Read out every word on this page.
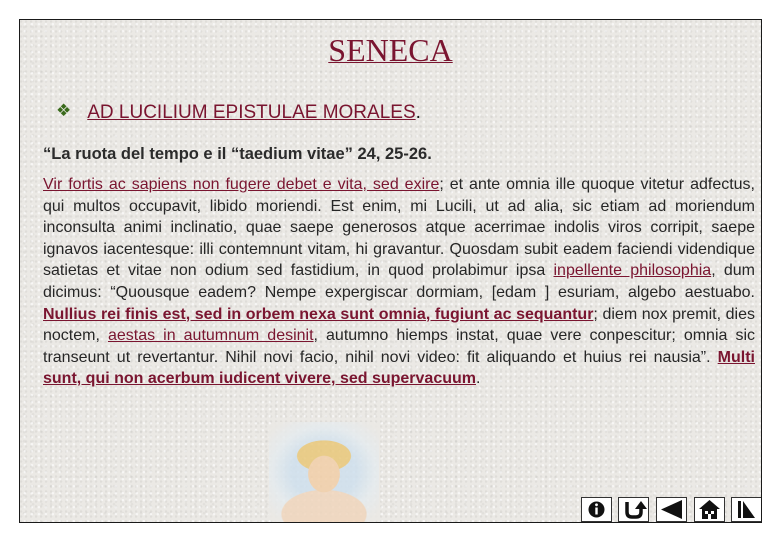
SENECA
❖ AD LUCILIUM EPISTULAE MORALES.
“La ruota del tempo e il “taedium vitae” 24, 25-26.
Vir fortis ac sapiens non fugere debet e vita, sed exire; et ante omnia ille quoque vitetur adfectus, qui multos occupavit, libido moriendi. Est enim, mi Lucili, ut ad alia, sic etiam ad moriendum inconsulta animi inclinatio, quae saepe generosos atque acerrimae indolis viros corripit, saepe ignavos iacentesque: illi contemnunt vitam, hi gravantur. Quosdam subit eadem faciendi videndique satietas et vitae non odium sed fastidium, in quod prolabimur ipsa inpellente philosophia, dum dicimus: “Quousque eadem? Nempe expergiscar dormiam, [edam ] esuriam, algebo aestuabo. Nullius rei finis est, sed in orbem nexa sunt omnia, fugiunt ac sequantur; diem nox premit, dies noctem, aestas in autumnum desinit, autumno hiemps instat, quae vere conpescitur; omnia sic transeunt ut revertantur. Nihil novi facio, nihil novi video: fit aliquando et huius rei nausia”. Multi sunt, qui non acerbum iudicent vivere, sed supervacuum.
